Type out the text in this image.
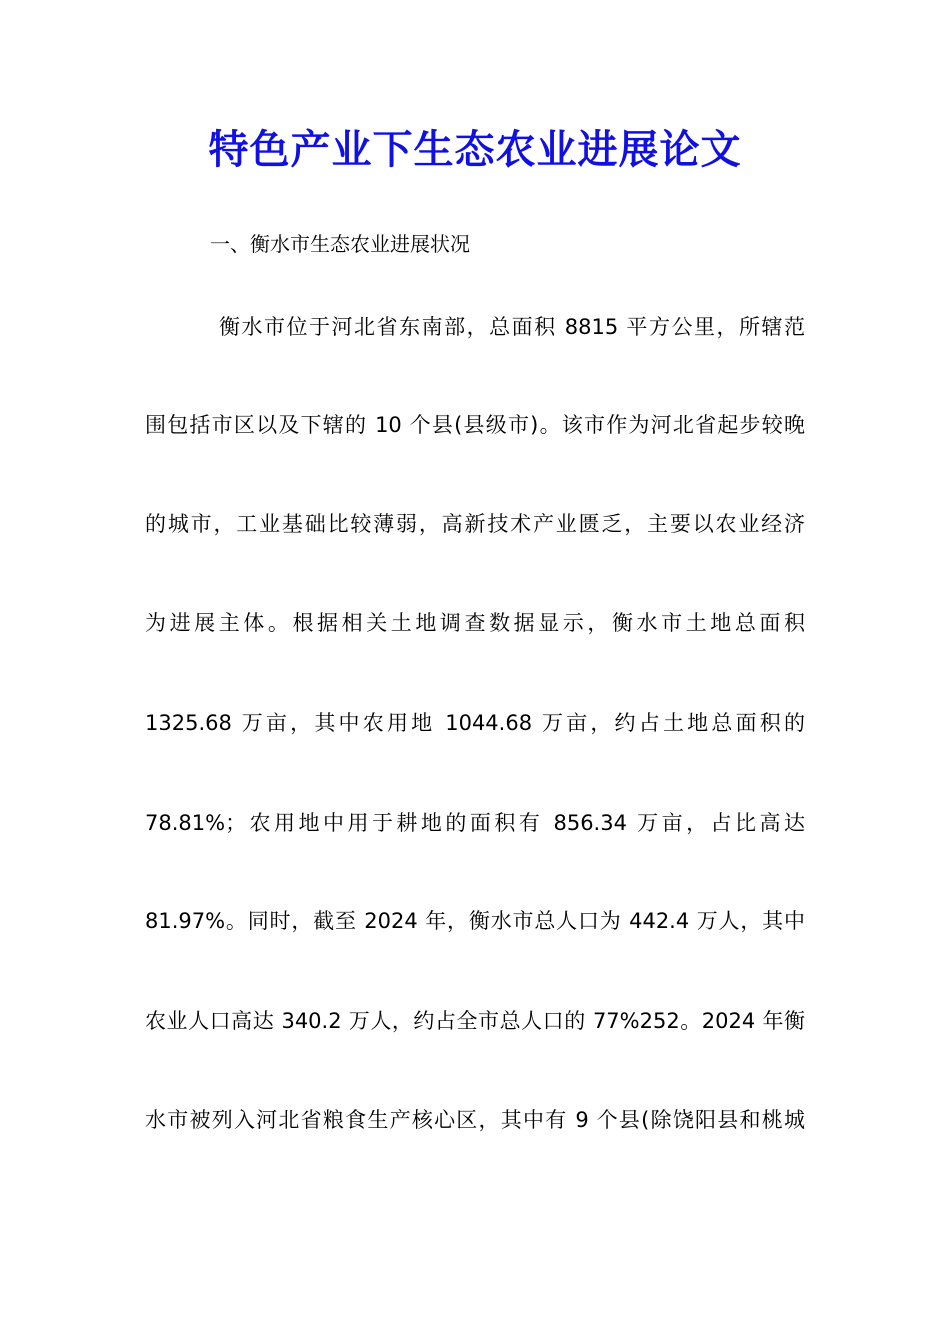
特色产业下生态农业进展论文
一、衡水市生态农业进展状况
衡水市位于河北省东南部，总面积 8815 平方公里，所辖范
围包括市区以及下辖的 10 个县(县级市)。该市作为河北省起步较晚
的城市，工业基础比较薄弱，高新技术产业匮乏，主要以农业经济
为进展主体。根据相关土地调查数据显示，衡水市土地总面积
1325.68 万亩，其中农用地 1044.68 万亩，约占土地总面积的
78.81%；农用地中用于耕地的面积有 856.34 万亩，占比高达
81.97%。同时，截至 2024 年，衡水市总人口为 442.4 万人，其中
农业人口高达 340.2 万人，约占全市总人口的 77%252。2024 年衡
水市被列入河北省粮食生产核心区，其中有 9 个县(除饶阳县和桃城
